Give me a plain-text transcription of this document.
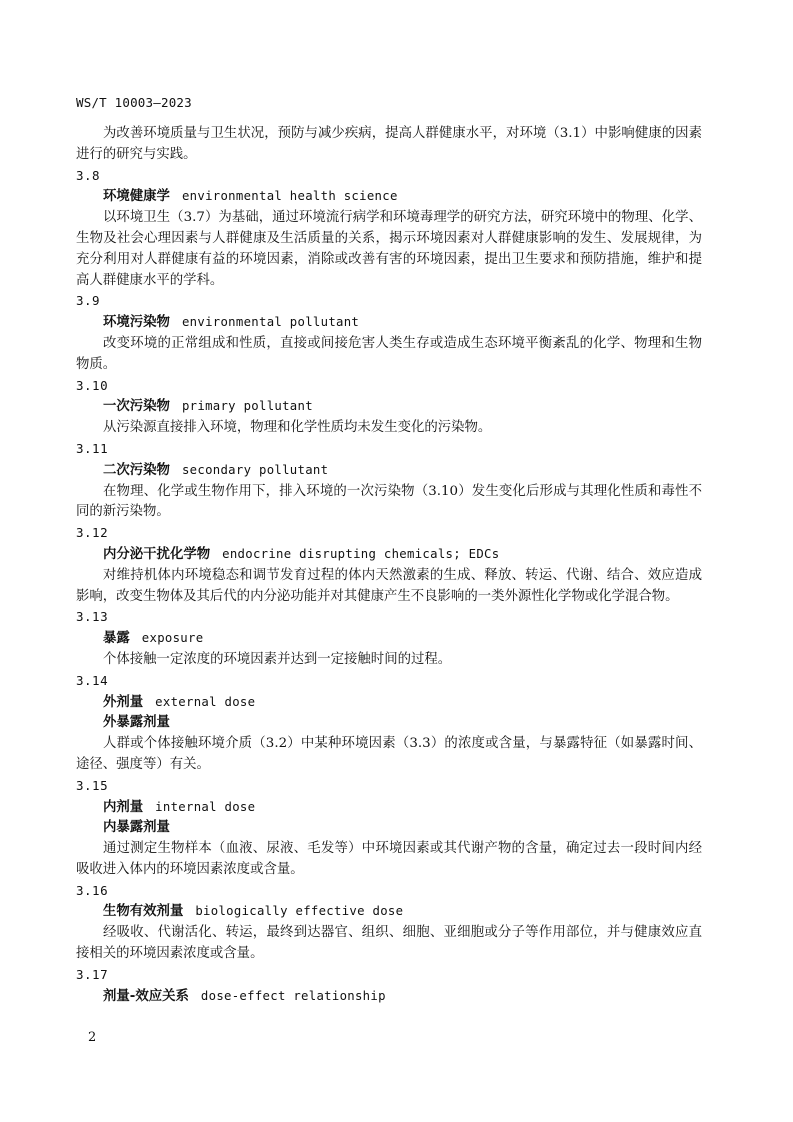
WS/T 10003—2023
为改善环境质量与卫生状况，预防与减少疾病，提高人群健康水平，对环境（3.1）中影响健康的因素进行的研究与实践。
3.8
环境健康学 environmental health science
以环境卫生（3.7）为基础，通过环境流行病学和环境毒理学的研究方法，研究环境中的物理、化学、生物及社会心理因素与人群健康及生活质量的关系，揭示环境因素对人群健康影响的发生、发展规律，为充分利用对人群健康有益的环境因素，消除或改善有害的环境因素，提出卫生要求和预防措施，维护和提高人群健康水平的学科。
3.9
环境污染物 environmental pollutant
改变环境的正常组成和性质，直接或间接危害人类生存或造成生态环境平衡紊乱的化学、物理和生物物质。
3.10
一次污染物 primary pollutant
从污染源直接排入环境，物理和化学性质均未发生变化的污染物。
3.11
二次污染物 secondary pollutant
在物理、化学或生物作用下，排入环境的一次污染物（3.10）发生变化后形成与其理化性质和毒性不同的新污染物。
3.12
内分泌干扰化学物 endocrine disrupting chemicals; EDCs
对维持机体内环境稳态和调节发育过程的体内天然激素的生成、释放、转运、代谢、结合、效应造成影响，改变生物体及其后代的内分泌功能并对其健康产生不良影响的一类外源性化学物或化学混合物。
3.13
暴露 exposure
个体接触一定浓度的环境因素并达到一定接触时间的过程。
3.14
外剂量 external dose
外暴露剂量
人群或个体接触环境介质（3.2）中某种环境因素（3.3）的浓度或含量，与暴露特征（如暴露时间、途径、强度等）有关。
3.15
内剂量 internal dose
内暴露剂量
通过测定生物样本（血液、尿液、毛发等）中环境因素或其代谢产物的含量，确定过去一段时间内经吸收进入体内的环境因素浓度或含量。
3.16
生物有效剂量 biologically effective dose
经吸收、代谢活化、转运，最终到达器官、组织、细胞、亚细胞或分子等作用部位，并与健康效应直接相关的环境因素浓度或含量。
3.17
剂量-效应关系 dose-effect relationship
2
